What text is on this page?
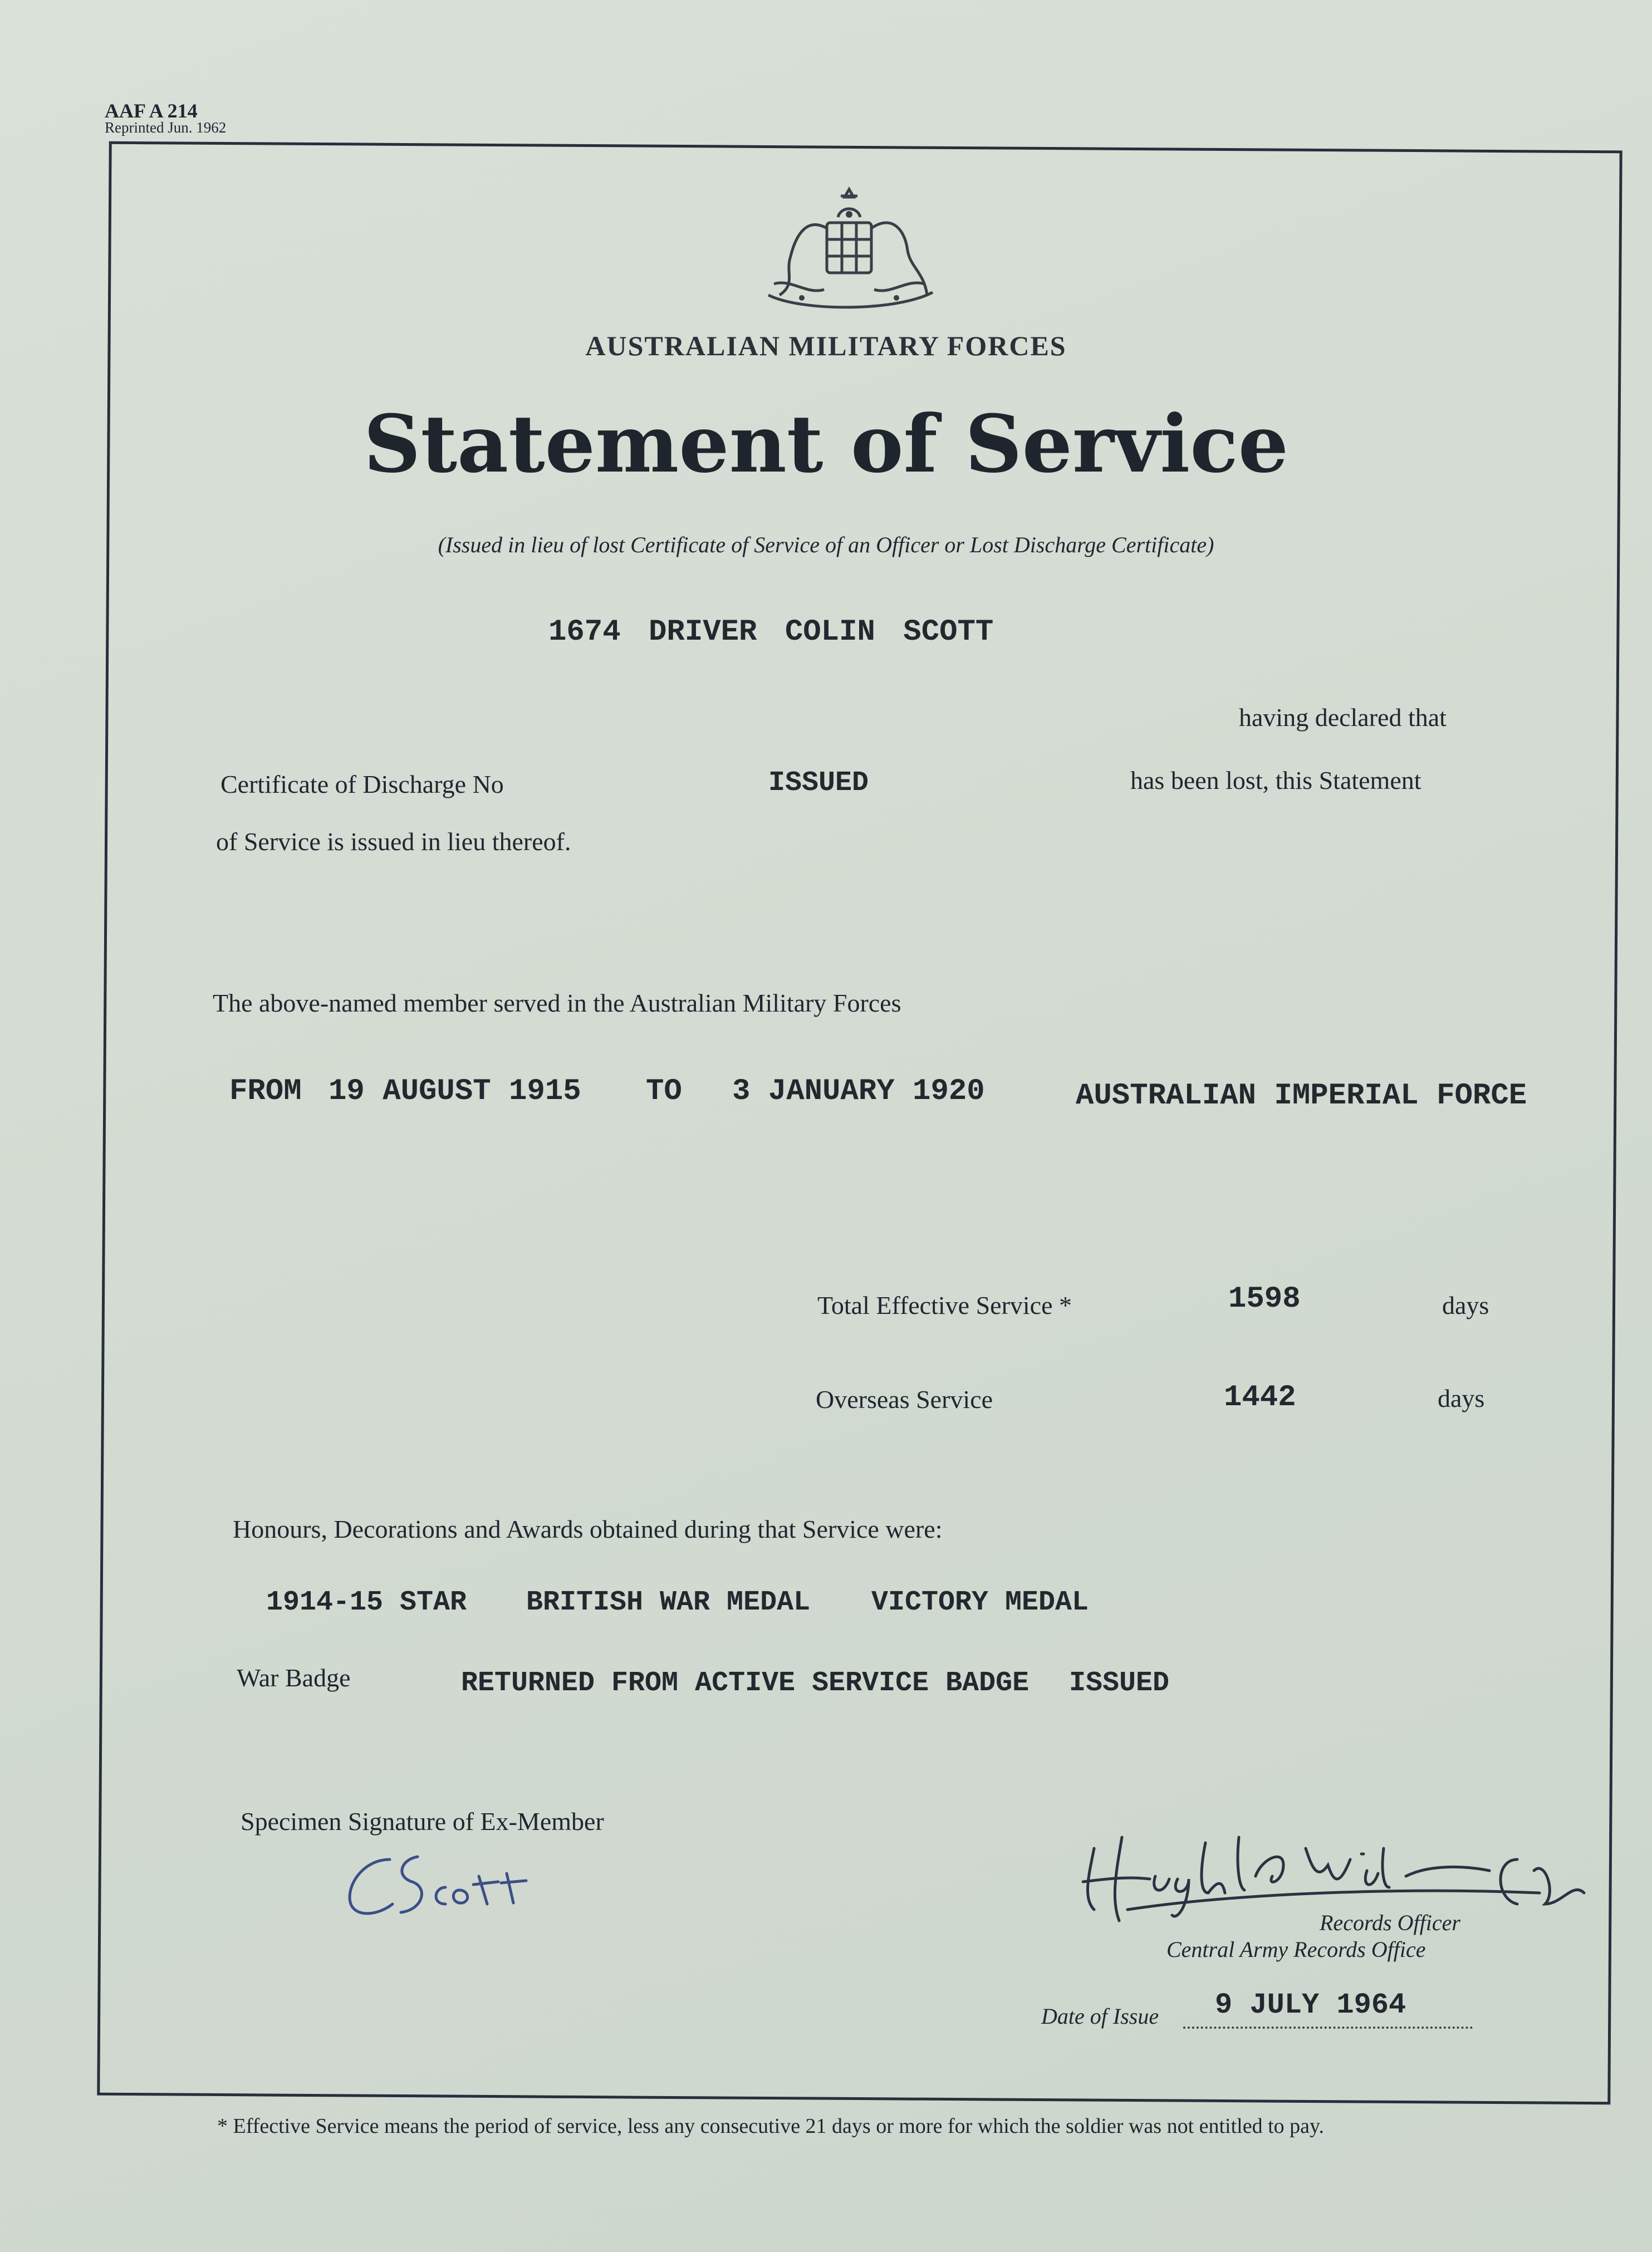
AAF A 214
Reprinted Jun. 1962
AUSTRALIAN MILITARY FORCES
Statement of Service
(Issued in lieu of lost Certificate of Service of an Officer or Lost Discharge Certificate)
1674 DRIVER COLIN SCOTT
having declared that
Certificate of Discharge No	ISSUED	has been lost, this Statement
of Service is issued in lieu thereof.
The above-named member served in the Australian Military Forces
FROM 19 AUGUST 1915 TO 3 JANUARY 1920	AUSTRALIAN IMPERIAL FORCE
Total Effective Service *	1598	days
Overseas Service	1442	days
Honours, Decorations and Awards obtained during that Service were:
1914-15 STAR BRITISH WAR MEDAL VICTORY MEDAL
War Badge	RETURNED FROM ACTIVE SERVICE BADGE ISSUED
Specimen Signature of Ex-Member
Records Officer
Central Army Records Office
Date of Issue 9 JULY 1964
* Effective Service means the period of service, less any consecutive 21 days or more for which the soldier was not entitled to pay.
